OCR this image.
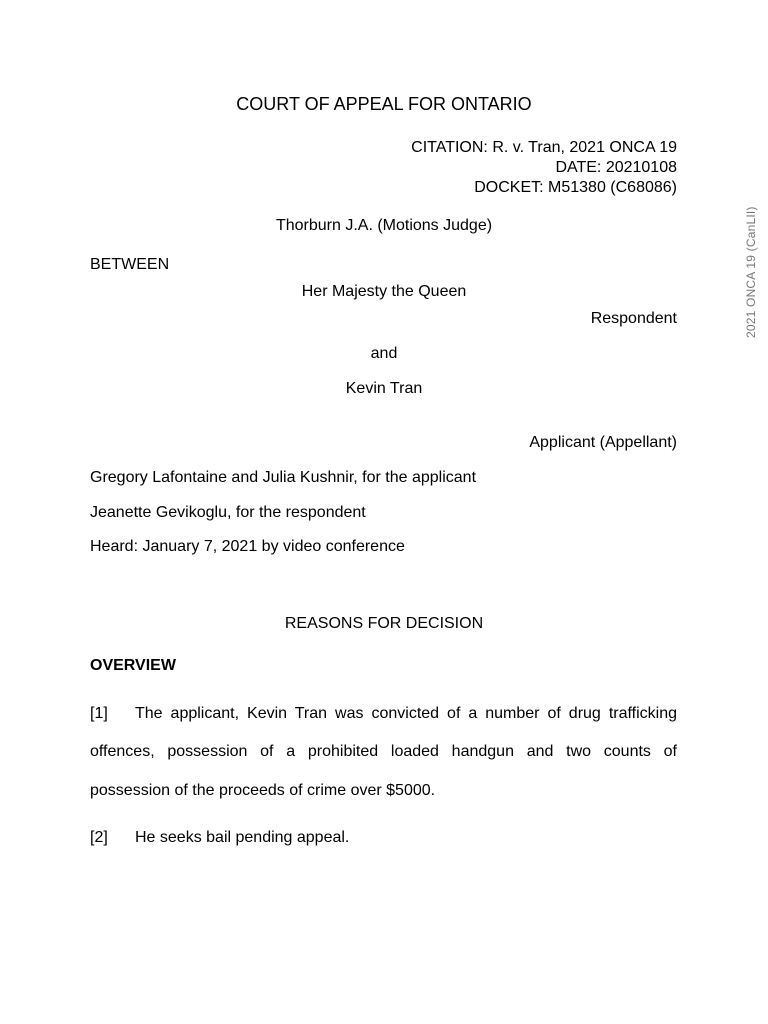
COURT OF APPEAL FOR ONTARIO
CITATION: R. v. Tran, 2021 ONCA 19
DATE: 20210108
DOCKET: M51380 (C68086)
Thorburn J.A. (Motions Judge)
BETWEEN
Her Majesty the Queen
Respondent
and
Kevin Tran
Applicant (Appellant)
Gregory Lafontaine and Julia Kushnir, for the applicant
Jeanette Gevikoglu, for the respondent
Heard: January 7, 2021 by video conference
REASONS FOR DECISION
OVERVIEW
[1] The applicant, Kevin Tran was convicted of a number of drug trafficking
offences, possession of a prohibited loaded handgun and two counts of
possession of the proceeds of crime over $5000.
[2] He seeks bail pending appeal.
2021 ONCA 19 (CanLII)
